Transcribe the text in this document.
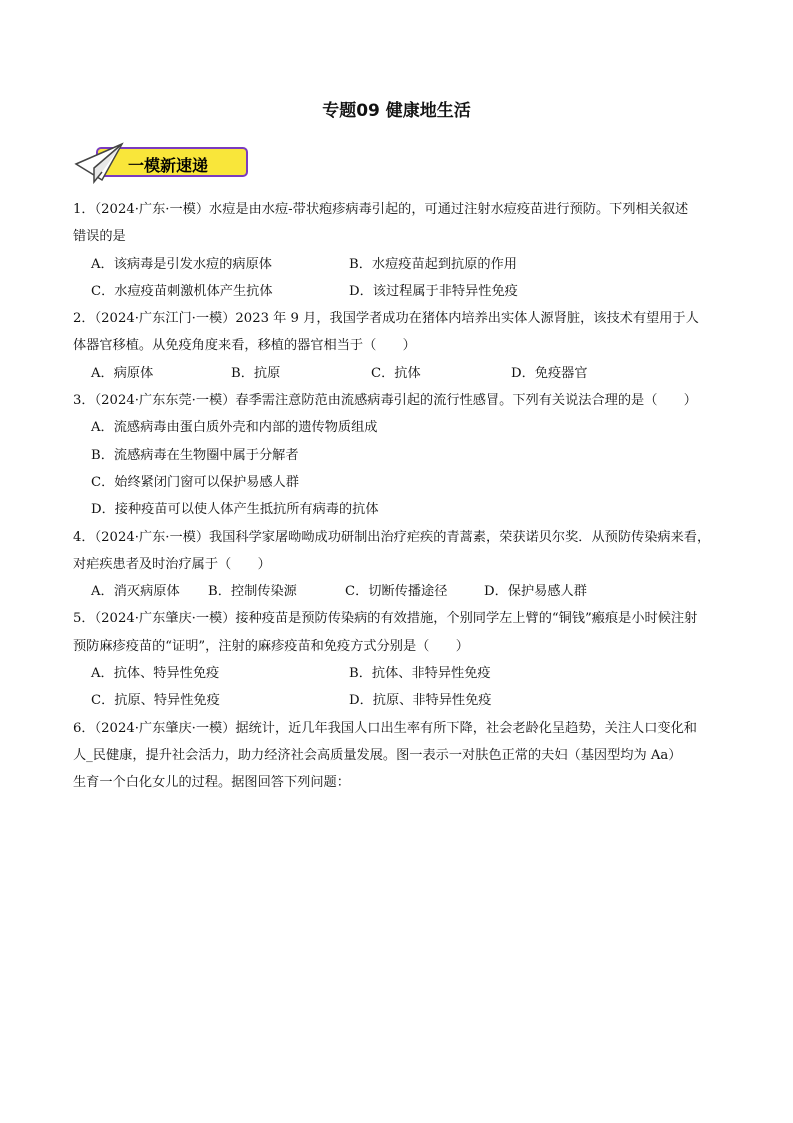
专题09 健康地生活
一模新速递

1．（2024·广东·一模）水痘是由水痘-带状疱疹病毒引起的，可通过注射水痘疫苗进行预防。下列相关叙述

错误的是

A．该病毒是引发水痘的病原体	B．水痘疫苗起到抗原的作用
C．水痘疫苗刺激机体产生抗体	D．该过程属于非特异性免疫

2．（2024·广东江门·一模）2023 年 9 月，我国学者成功在猪体内培养出实体人源肾脏，该技术有望用于人

体器官移植。从免疫角度来看，移植的器官相当于（　　）

A．病原体	B．抗原	C．抗体	D．免疫器官

3．（2024·广东东莞·一模）春季需注意防范由流感病毒引起的流行性感冒。下列有关说法合理的是（　　）

A．流感病毒由蛋白质外壳和内部的遗传物质组成
B．流感病毒在生物圈中属于分解者
C．始终紧闭门窗可以保护易感人群
D．接种疫苗可以使人体产生抵抗所有病毒的抗体

4．（2024·广东·一模）我国科学家屠呦呦成功研制出治疗疟疾的青蒿素，荣获诺贝尔奖．从预防传染病来看，

对疟疾患者及时治疗属于（　　）

A．消灭病原体	B．控制传染源	C．切断传播途径	D．保护易感人群

5．（2024·广东肇庆·一模）接种疫苗是预防传染病的有效措施，个别同学左上臂的“铜钱”瘢痕是小时候注射

预防麻疹疫苗的“证明”，注射的麻疹疫苗和免疫方式分别是（　　）

A．抗体、特异性免疫	B．抗体、非特异性免疫
C．抗原、特异性免疫	D．抗原、非特异性免疫

6．（2024·广东肇庆·一模）据统计，近几年我国人口出生率有所下降，社会老龄化呈趋势，关注人口变化和

人_民健康，提升社会活力，助力经济社会高质量发展。图一表示一对肤色正常的夫妇（基因型均为 Aa）

生育一个白化女儿的过程。据图回答下列问题：
